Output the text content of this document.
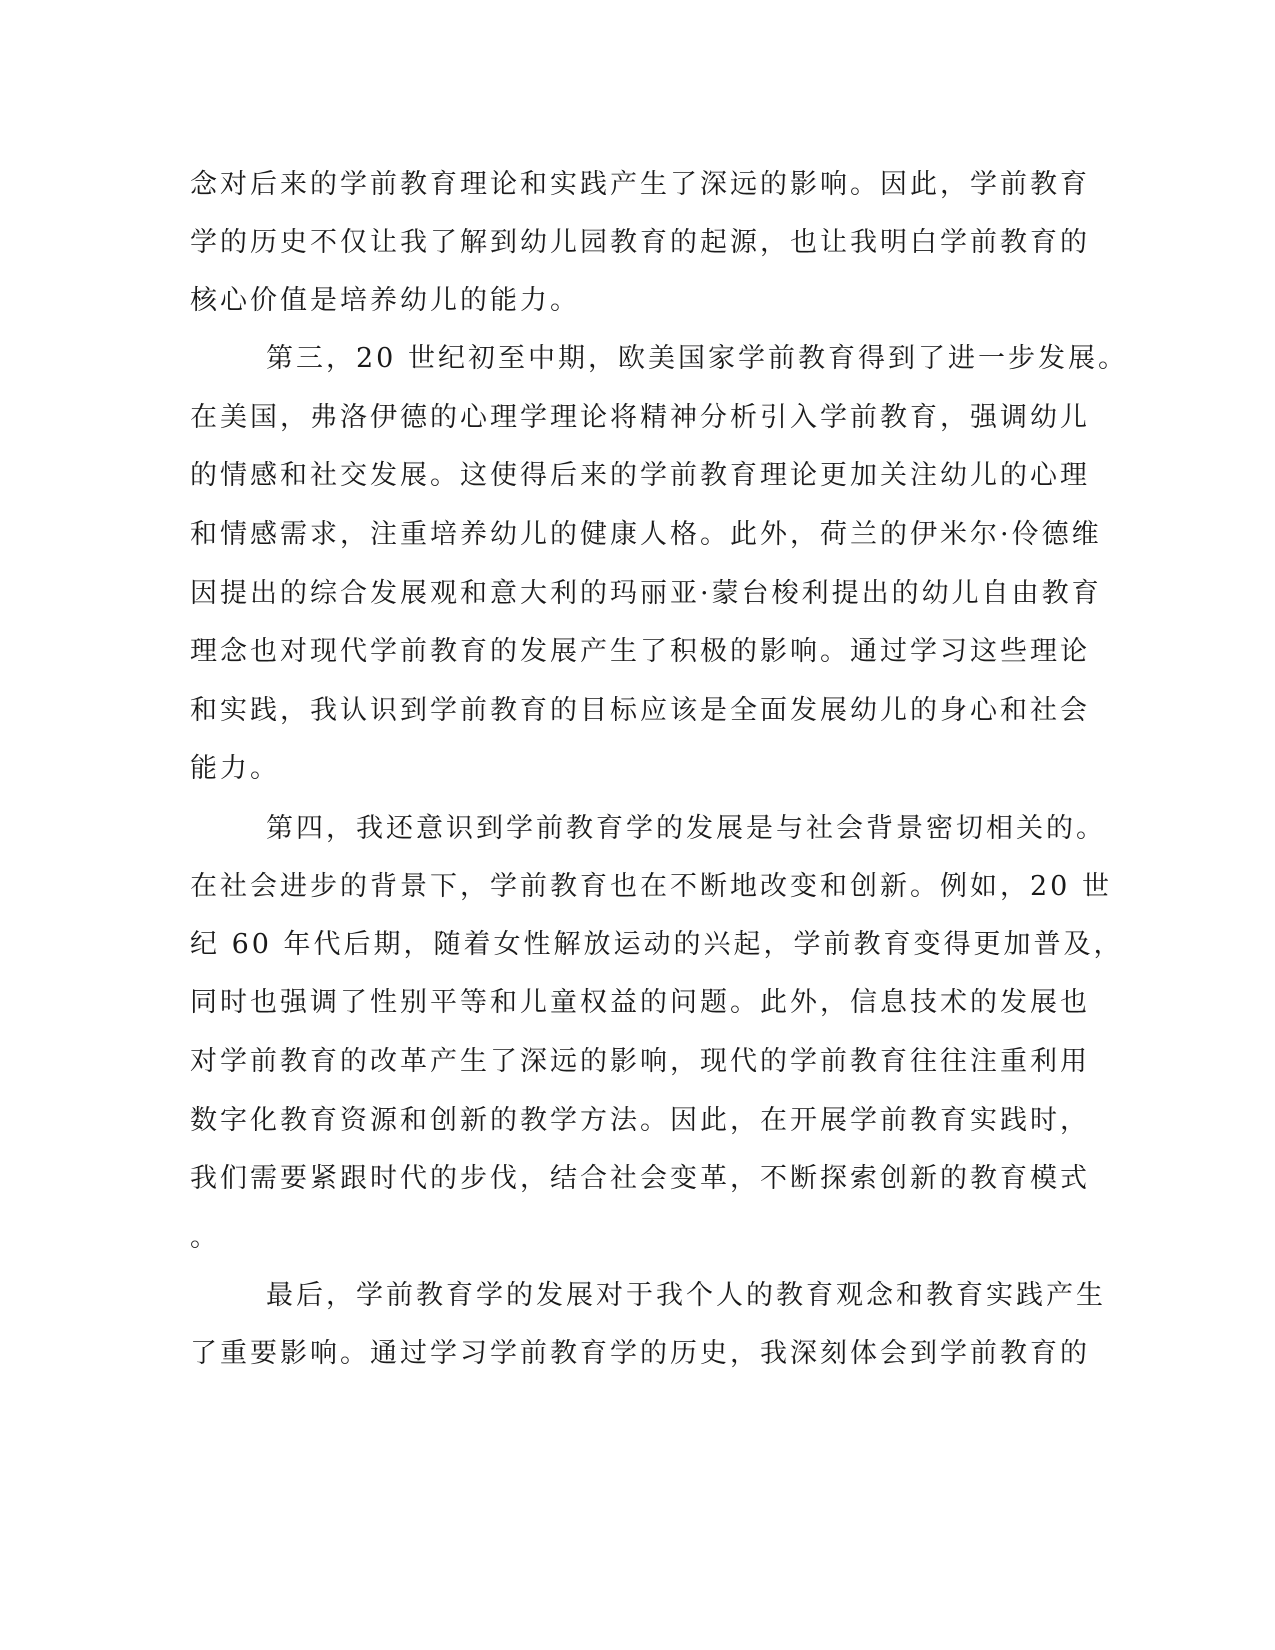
念对后来的学前教育理论和实践产生了深远的影响。因此，学前教育
学的历史不仅让我了解到幼儿园教育的起源，也让我明白学前教育的
核心价值是培养幼儿的能力。
第三，20 世纪初至中期，欧美国家学前教育得到了进一步发展。
在美国，弗洛伊德的心理学理论将精神分析引入学前教育，强调幼儿
的情感和社交发展。这使得后来的学前教育理论更加关注幼儿的心理
和情感需求，注重培养幼儿的健康人格。此外，荷兰的伊米尔·伶德维
因提出的综合发展观和意大利的玛丽亚·蒙台梭利提出的幼儿自由教育
理念也对现代学前教育的发展产生了积极的影响。通过学习这些理论
和实践，我认识到学前教育的目标应该是全面发展幼儿的身心和社会
能力。
第四，我还意识到学前教育学的发展是与社会背景密切相关的。
在社会进步的背景下，学前教育也在不断地改变和创新。例如，20 世
纪 60 年代后期，随着女性解放运动的兴起，学前教育变得更加普及，
同时也强调了性别平等和儿童权益的问题。此外，信息技术的发展也
对学前教育的改革产生了深远的影响，现代的学前教育往往注重利用
数字化教育资源和创新的教学方法。因此，在开展学前教育实践时，
我们需要紧跟时代的步伐，结合社会变革，不断探索创新的教育模式
。
最后，学前教育学的发展对于我个人的教育观念和教育实践产生
了重要影响。通过学习学前教育学的历史，我深刻体会到学前教育的
